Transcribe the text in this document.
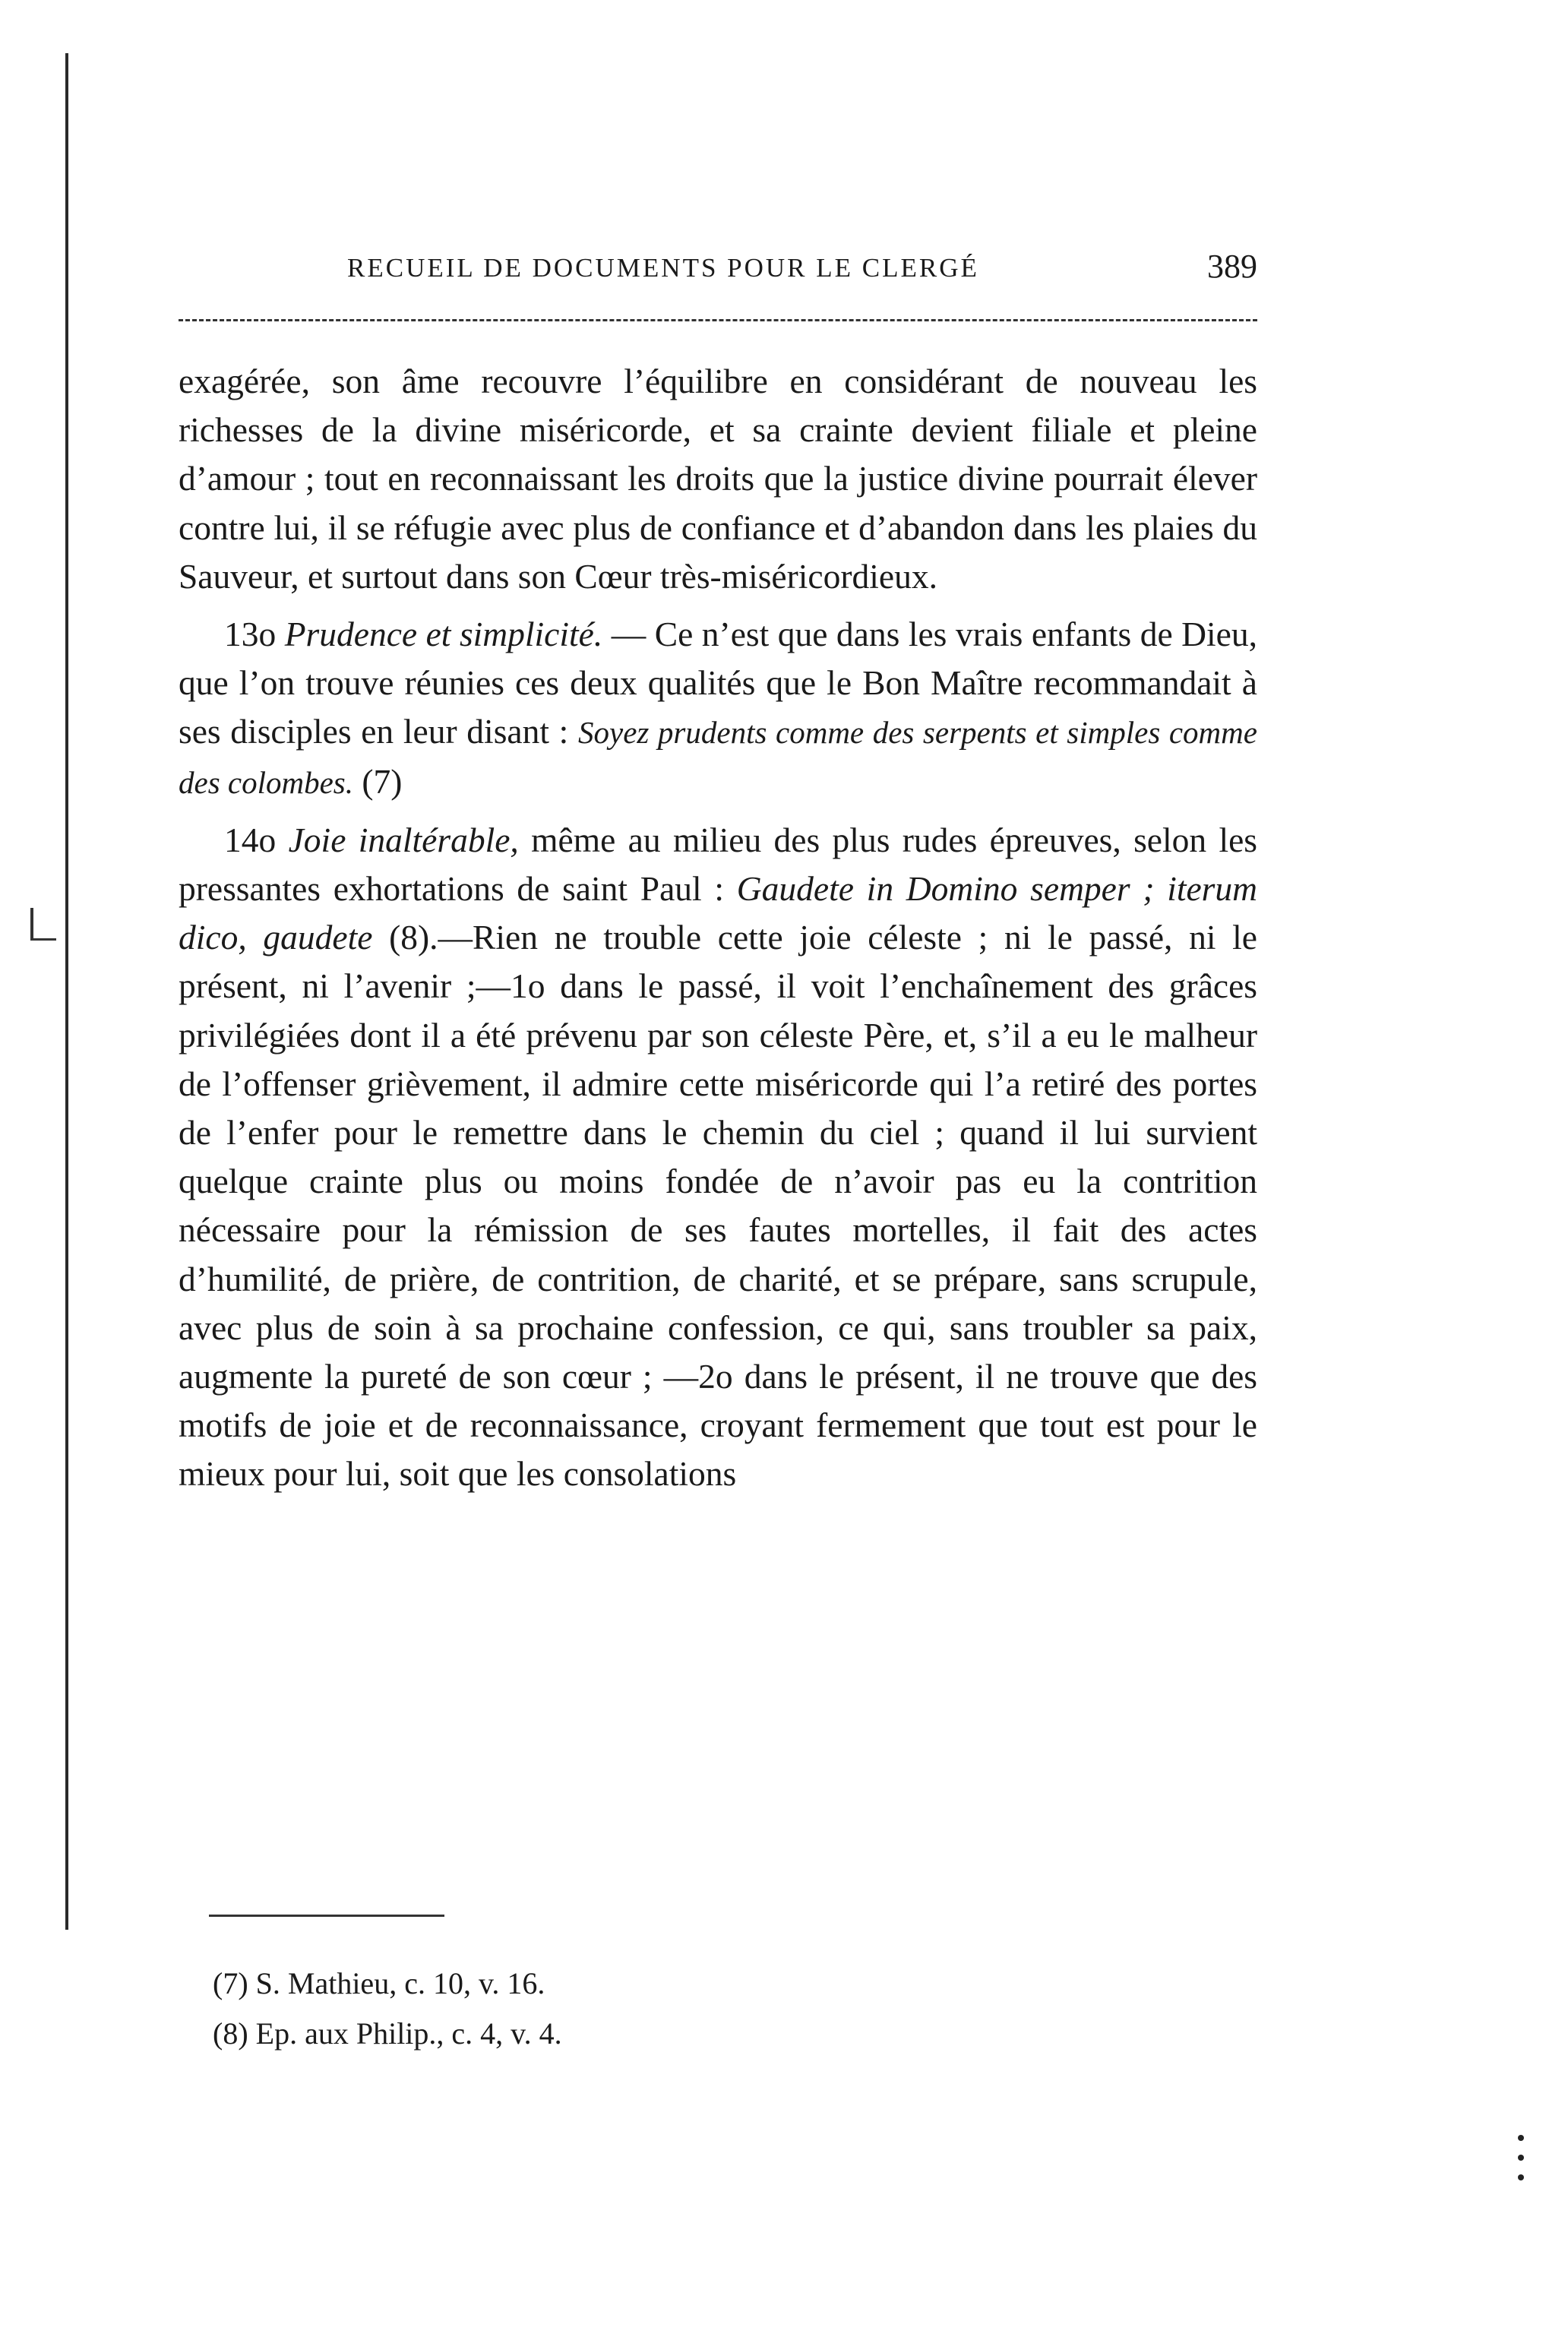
RECUEIL DE DOCUMENTS POUR LE CLERGÉ	389

exagérée, son âme recouvre l’équilibre en considérant de nouveau les richesses de la divine miséricorde, et sa crainte devient filiale et pleine d’amour ; tout en reconnaissant les droits que la justice divine pourrait élever contre lui, il se réfugie avec plus de confiance et d’abandon dans les plaies du Sauveur, et surtout dans son Cœur très-miséricordieux.

13o Prudence et simplicité. — Ce n’est que dans les vrais enfants de Dieu, que l’on trouve réunies ces deux qualités que le Bon Maître recommandait à ses disciples en leur disant : Soyez prudents comme des serpents et simples comme des colombes. (7)

14o Joie inaltérable, même au milieu des plus rudes épreuves, selon les pressantes exhortations de saint Paul : Gaudete in Domino semper ; iterum dico, gaudete (8).—Rien ne trouble cette joie céleste ; ni le passé, ni le présent, ni l’avenir ;—1o dans le passé, il voit l’enchaînement des grâces privilégiées dont il a été prévenu par son céleste Père, et, s’il a eu le malheur de l’offenser grièvement, il admire cette miséricorde qui l’a retiré des portes de l’enfer pour le remettre dans le chemin du ciel ; quand il lui survient quelque crainte plus ou moins fondée de n’avoir pas eu la contrition nécessaire pour la rémission de ses fautes mortelles, il fait des actes d’humilité, de prière, de contrition, de charité, et se prépare, sans scrupule, avec plus de soin à sa prochaine confession, ce qui, sans troubler sa paix, augmente la pureté de son cœur ; —2o dans le présent, il ne trouve que des motifs de joie et de reconnaissance, croyant fermement que tout est pour le mieux pour lui, soit que les consolations

(7) S. Mathieu, c. 10, v. 16.

(8) Ep. aux Philip., c. 4, v. 4.
